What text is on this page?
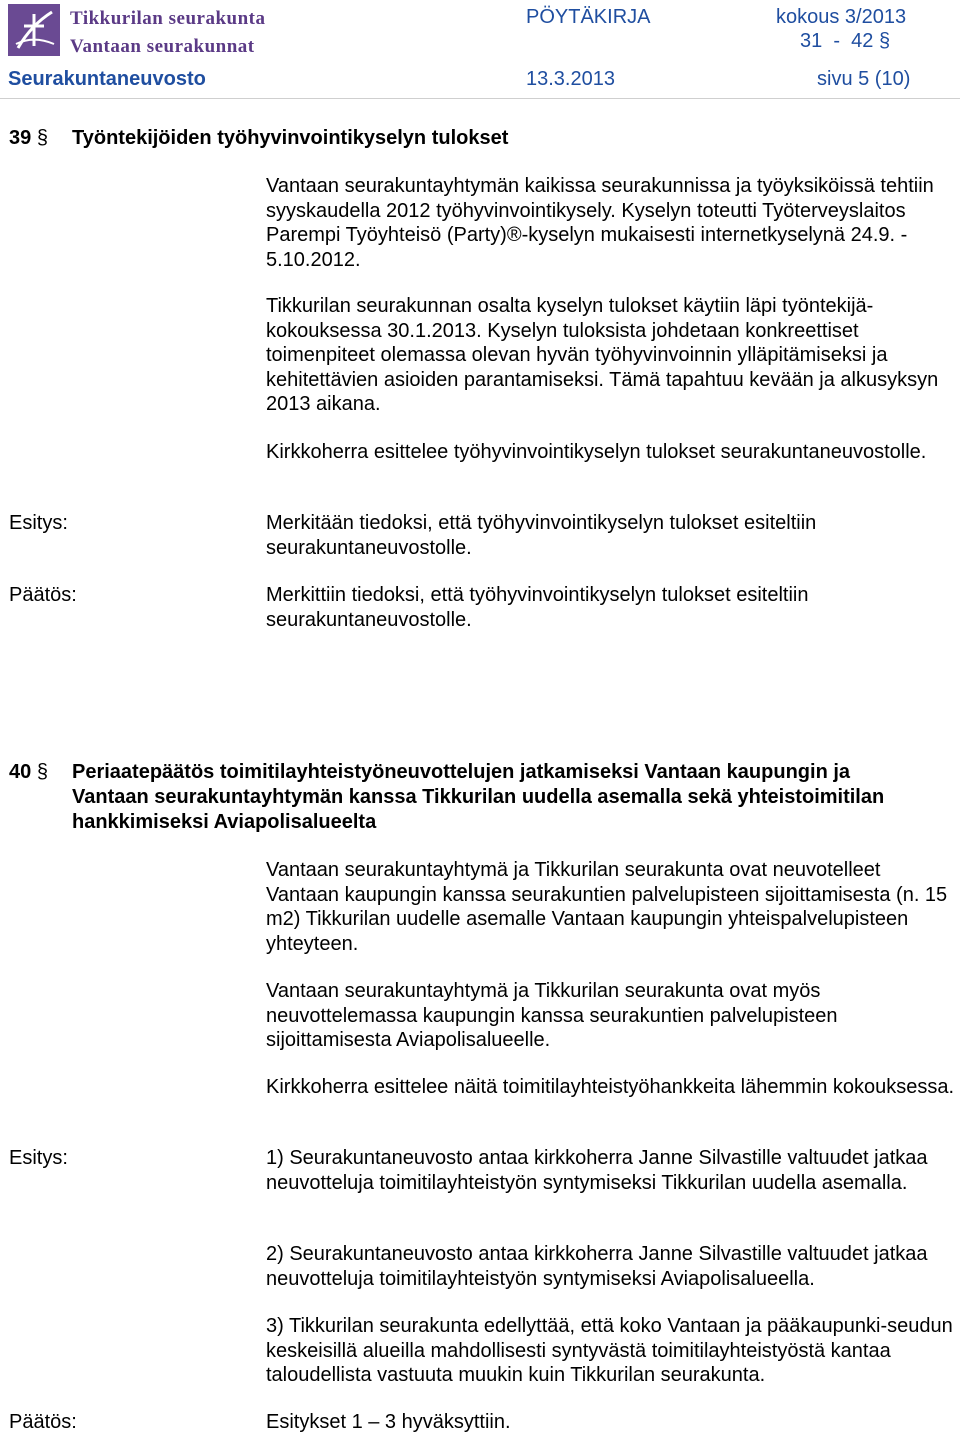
Tikkurilan seurakunta
Vantaan seurakunnat
PÖYTÄKIRJA	kokous 3/2013
31  -  42 §
Seurakuntaneuvosto	13.3.2013	sivu 5 (10)
39 § Työntekijöiden työhyvinvointikyselyn tulokset
Vantaan seurakuntayhtymän kaikissa seurakunnissa ja työyksiköissä tehtiin syyskaudella 2012 työhyvinvointikysely. Kyselyn toteutti Työterveyslaitos Parempi Työyhteisö (Party)®-kyselyn mukaisesti internetkyselynä 24.9. - 5.10.2012.
Tikkurilan seurakunnan osalta kyselyn tulokset käytiin läpi työntekijä-kokouksessa 30.1.2013. Kyselyn tuloksista johdetaan konkreettiset toimenpiteet olemassa olevan hyvän työhyvinvoinnin ylläpitämiseksi ja kehitettävien asioiden parantamiseksi. Tämä tapahtuu kevään ja alkusyksyn 2013 aikana.
Kirkkoherra esittelee työhyvinvointikyselyn tulokset seurakuntaneuvostolle.
Esitys:	Merkitään tiedoksi, että työhyvinvointikyselyn tulokset esiteltiin seurakuntaneuvostolle.
Päätös:	Merkittiin tiedoksi, että työhyvinvointikyselyn tulokset esiteltiin seurakuntaneuvostolle.
40 § Periaatepäätös toimitilayhteistyöneuvottelujen jatkamiseksi Vantaan kaupungin ja Vantaan seurakuntayhtymän kanssa Tikkurilan uudella asemalla sekä yhteistoimitilan hankkimiseksi Aviapolisalueelta
Vantaan seurakuntayhtymä ja Tikkurilan seurakunta ovat neuvotelleet Vantaan kaupungin kanssa seurakuntien palvelupisteen sijoittamisesta (n. 15 m2) Tikkurilan uudelle asemalle Vantaan kaupungin yhteispalvelupisteen yhteyteen.
Vantaan seurakuntayhtymä ja Tikkurilan seurakunta ovat myös neuvottelemassa kaupungin kanssa seurakuntien palvelupisteen sijoittamisesta Aviapolisalueelle.
Kirkkoherra esittelee näitä toimitilayhteistyöhankkeita lähemmin kokouksessa.
Esitys:	1) Seurakuntaneuvosto antaa kirkkoherra Janne Silvastille valtuudet jatkaa neuvotteluja toimitilayhteistyön syntymiseksi Tikkurilan uudella asemalla.
2) Seurakuntaneuvosto antaa kirkkoherra Janne Silvastille valtuudet jatkaa neuvotteluja toimitilayhteistyön syntymiseksi Aviapolisalueella.
3) Tikkurilan seurakunta edellyttää, että koko Vantaan ja pääkaupunki-seudun keskeisillä alueilla mahdollisesti syntyvästä toimitilayhteistyöstä kantaa taloudellista vastuuta muukin kuin Tikkurilan seurakunta.
Päätös:	Esitykset 1 – 3 hyväksyttiin.
